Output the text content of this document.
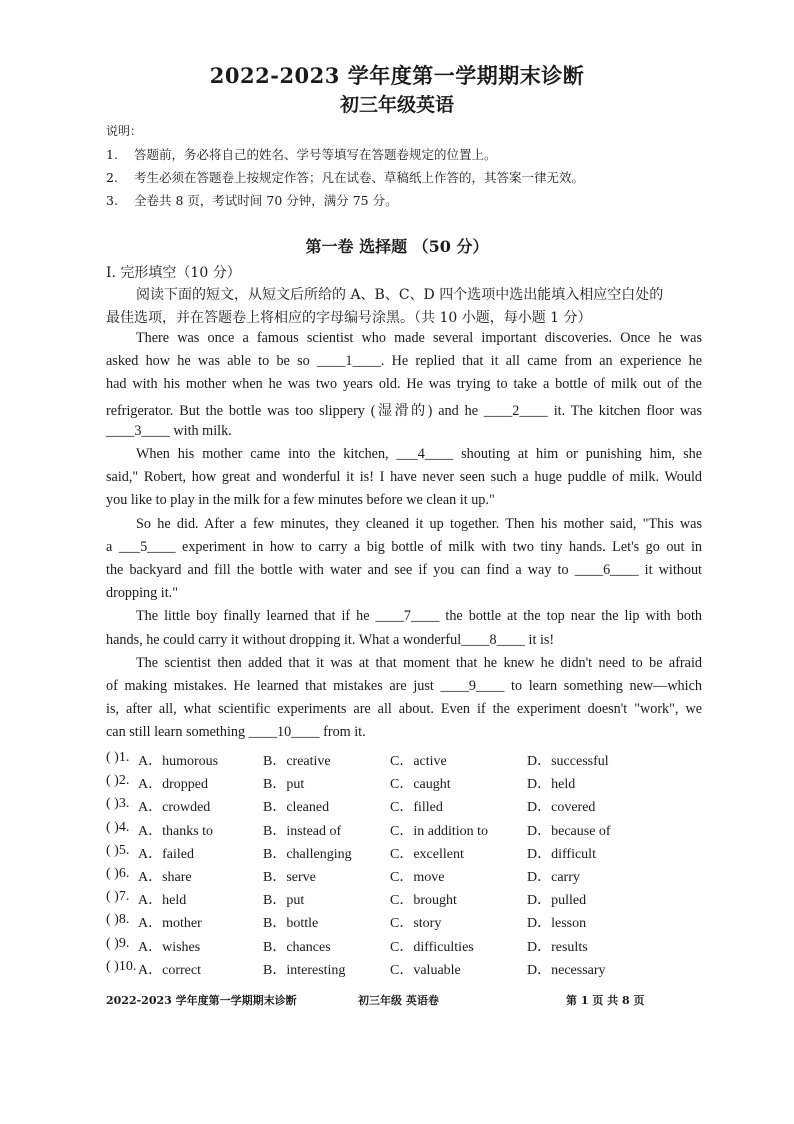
2022-2023 学年度第一学期期末诊断
初三年级英语
说明：
1. 答题前，务必将自己的姓名、学号等填写在答题卷规定的位置上。
2. 考生必须在答题卷上按规定作答；凡在试卷、草稿纸上作答的，其答案一律无效。
3. 全卷共 8 页，考试时间 70 分钟，满分 75 分。
第一卷 选择题 （50 分）
I. 完形填空（10 分）
阅读下面的短文，从短文后所给的 A、B、C、D 四个选项中选出能填入相应空白处的
最佳选项，并在答题卷上将相应的字母编号涂黑。（共 10 小题，每小题 1 分）
There was once a famous scientist who made several important discoveries. Once he was
asked how he was able to be so ____1____. He replied that it all came from an experience he
had with his mother when he was two years old. He was trying to take a bottle of milk out of the
refrigerator. But the bottle was too slippery (湿滑的) and he ____2____ it. The kitchen floor was
____3____ with milk.
When his mother came into the kitchen, ___4____ shouting at him or punishing him, she
said," Robert, how great and wonderful it is! I have never seen such a huge puddle of milk. Would
you like to play in the milk for a few minutes before we clean it up."
So he did. After a few minutes, they cleaned it up together. Then his mother said, "This was
a ___5____ experiment in how to carry a big bottle of milk with two tiny hands. Let's go out in
the backyard and fill the bottle with water and see if you can find a way to ____6____ it without
dropping it."
The little boy finally learned that if he ____7____ the bottle at the top near the lip with both
hands, he could carry it without dropping it. What a wonderful____8____ it is!
The scientist then added that it was at that moment that he knew he didn't need to be afraid
of making mistakes. He learned that mistakes are just ____9____ to learn something new—which
is, after all, what scientific experiments are all about. Even if the experiment doesn't "work", we
can still learn something ____10____ from it.
( )1. A．humorous	B．creative	C．active	D．successful
( )2. A．dropped	B．put	C．caught	D．held
( )3. A．crowded	B．cleaned	C．filled	D．covered
( )4. A．thanks to	B．instead of	C．in addition to	D．because of
( )5. A．failed	B．challenging	C．excellent	D．difficult
( )6. A．share	B．serve	C．move	D．carry
( )7. A．held	B．put	C．brought	D．pulled
( )8. A．mother	B．bottle	C．story	D．lesson
( )9. A．wishes	B．chances	C．difficulties	D．results
( )10. A．correct	B．interesting	C．valuable	D．necessary
2022-2023 学年度第一学期期末诊断	初三年级 英语卷	第 1 页 共 8 页
